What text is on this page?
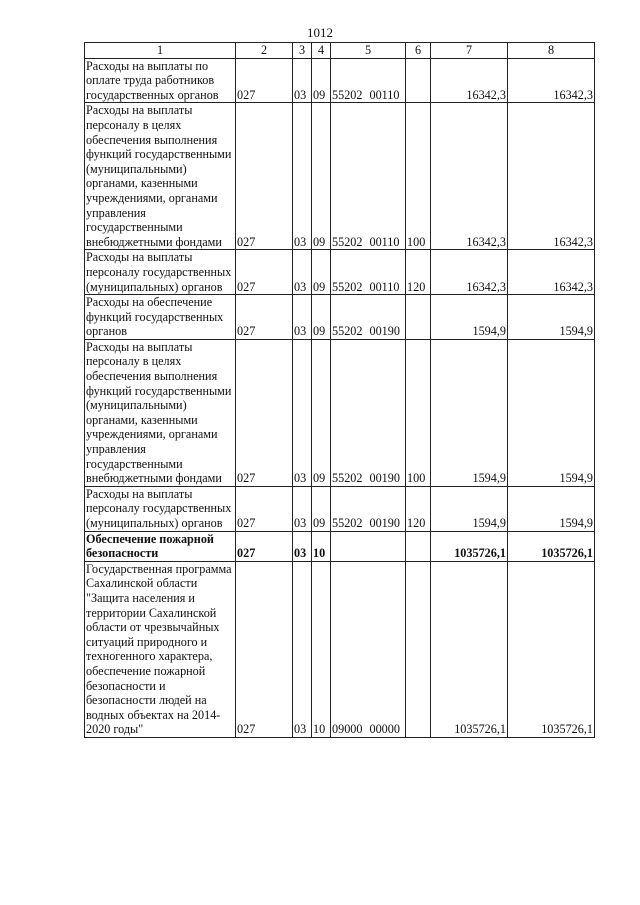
1012
1	2	3	4	5	6	7	8
Расходы на выплаты по оплате труда работников государственных органов	027	03	09	55202 00110		16342,3	16342,3
Расходы на выплаты персоналу в целях обеспечения выполнения функций государственными (муниципальными) органами, казенными учреждениями, органами управления государственными внебюджетными фондами	027	03	09	55202 00110	100	16342,3	16342,3
Расходы на выплаты персоналу государственных (муниципальных) органов	027	03	09	55202 00110	120	16342,3	16342,3
Расходы на обеспечение функций государственных органов	027	03	09	55202 00190		1594,9	1594,9
Расходы на выплаты персоналу в целях обеспечения выполнения функций государственными (муниципальными) органами, казенными учреждениями, органами управления государственными внебюджетными фондами	027	03	09	55202 00190	100	1594,9	1594,9
Расходы на выплаты персоналу государственных (муниципальных) органов	027	03	09	55202 00190	120	1594,9	1594,9
Обеспечение пожарной безопасности	027	03	10			1035726,1	1035726,1
Государственная программа Сахалинской области "Защита населения и территории Сахалинской области от чрезвычайных ситуаций природного и техногенного характера, обеспечение пожарной безопасности и безопасности людей на водных объектах на 2014-2020 годы"	027	03	10	09000 00000		1035726,1	1035726,1
